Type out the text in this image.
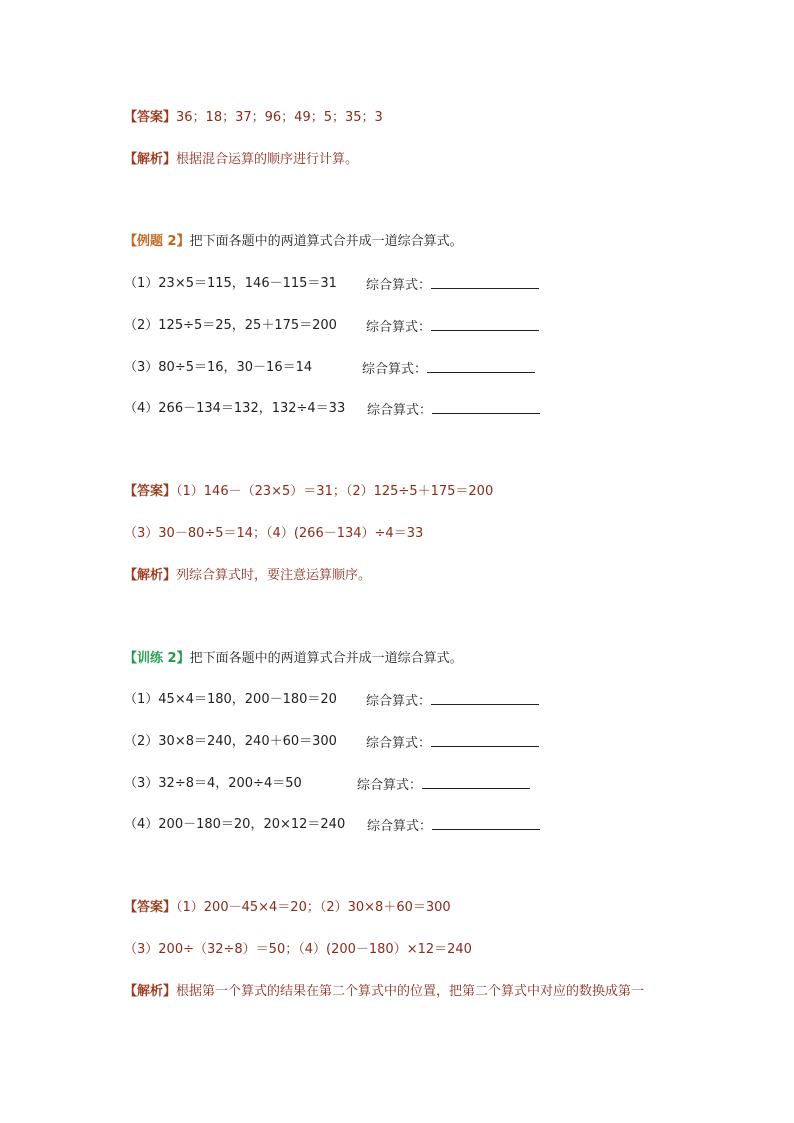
【答案】36；18；37；96；49；5；35；3
【解析】根据混合运算的顺序进行计算。
【例题 2】把下面各题中的两道算式合并成一道综合算式。
（1）23×5＝115，146－115＝31 综合算式：
（2）125÷5＝25，25＋175＝200 综合算式：
（3）80÷5＝16，30－16＝14	综合算式：
（4）266－134＝132，132÷4＝33 综合算式：
【答案】（1）146－（23×5）＝31；（2）125÷5＋175＝200
（3）30－80÷5＝14；（4）(266－134）÷4＝33
【解析】列综合算式时，要注意运算顺序。
【训练 2】把下面各题中的两道算式合并成一道综合算式。
（1）45×4＝180，200－180＝20 综合算式：
（2）30×8＝240，240＋60＝300 综合算式：
（3）32÷8＝4，200÷4＝50	综合算式：
（4）200－180＝20，20×12＝240 综合算式：
【答案】（1）200－45×4＝20；（2）30×8＋60＝300
（3）200÷（32÷8）＝50；（4）(200－180）×12＝240
【解析】根据第一个算式的结果在第二个算式中的位置，把第二个算式中对应的数换成第一
